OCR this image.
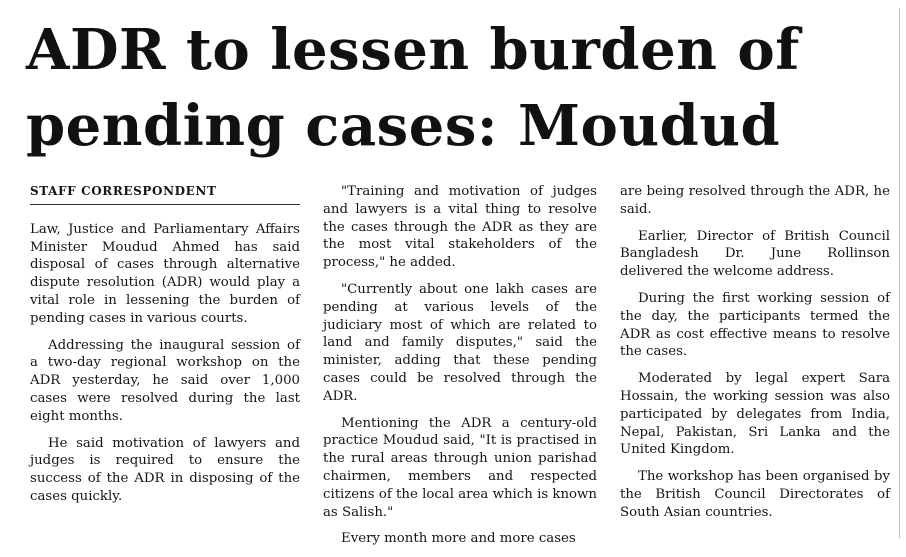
ADR to lessen burden of
pending cases: Moudud
STAFF CORRESPONDENT

Law, Justice and Parliamentary Affairs Minister Moudud Ahmed has said disposal of cases through alternative dispute resolution (ADR) would play a vital role in lessening the burden of pending cases in various courts.

Addressing the inaugural session of a two-day regional workshop on the ADR yesterday, he said over 1,000 cases were resolved during the last eight months.

He said motivation of lawyers and judges is required to ensure the success of the ADR in disposing of the cases quickly.

"Training and motivation of judges and lawyers is a vital thing to resolve the cases through the ADR as they are the most vital stakeholders of the process," he added.

"Currently about one lakh cases are pending at various levels of the judiciary most of which are related to land and family disputes," said the minister, adding that these pending cases could be resolved through the ADR.

Mentioning the ADR a century-old practice Moudud said, "It is practised in the rural areas through union parishad chairmen, members and respected citizens of the local area which is known as Salish."

Every month more and more cases

are being resolved through the ADR, he said.

Earlier, Director of British Council Bangladesh Dr. June Rollinson delivered the welcome address.

During the first working session of the day, the participants termed the ADR as cost effective means to resolve the cases.

Moderated by legal expert Sara Hossain, the working session was also participated by delegates from India, Nepal, Pakistan, Sri Lanka and the United Kingdom.

The workshop has been organised by the British Council Directorates of South Asian countries.
